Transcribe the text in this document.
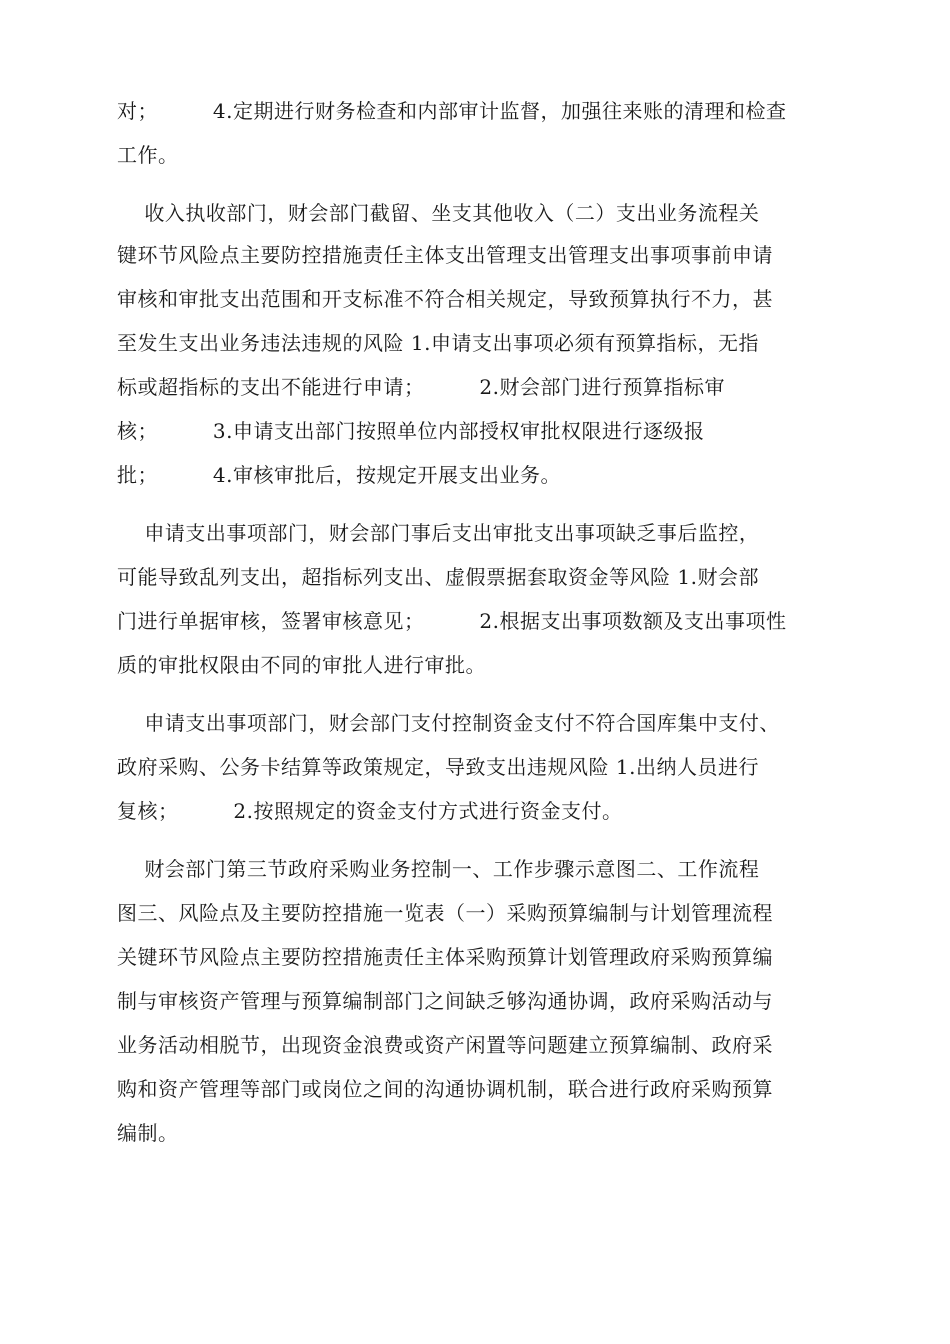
对；        4.定期进行财务检查和内部审计监督，加强往来账的清理和检查
工作。
收入执收部门，财会部门截留、坐支其他收入（二）支出业务流程关
键环节风险点主要防控措施责任主体支出管理支出管理支出事项事前申请
审核和审批支出范围和开支标准不符合相关规定，导致预算执行不力，甚
至发生支出业务违法违规的风险 1.申请支出事项必须有预算指标，无指
标或超指标的支出不能进行申请；        2.财会部门进行预算指标审
核；        3.申请支出部门按照单位内部授权审批权限进行逐级报
批；        4.审核审批后，按规定开展支出业务。
申请支出事项部门，财会部门事后支出审批支出事项缺乏事后监控，
可能导致乱列支出，超指标列支出、虚假票据套取资金等风险 1.财会部
门进行单据审核，签署审核意见；        2.根据支出事项数额及支出事项性
质的审批权限由不同的审批人进行审批。
申请支出事项部门，财会部门支付控制资金支付不符合国库集中支付、
政府采购、公务卡结算等政策规定，导致支出违规风险 1.出纳人员进行
复核；        2.按照规定的资金支付方式进行资金支付。
财会部门第三节政府采购业务控制一、工作步骤示意图二、工作流程
图三、风险点及主要防控措施一览表（一）采购预算编制与计划管理流程
关键环节风险点主要防控措施责任主体采购预算计划管理政府采购预算编
制与审核资产管理与预算编制部门之间缺乏够沟通协调，政府采购活动与
业务活动相脱节，出现资金浪费或资产闲置等问题建立预算编制、政府采
购和资产管理等部门或岗位之间的沟通协调机制，联合进行政府采购预算
编制。
